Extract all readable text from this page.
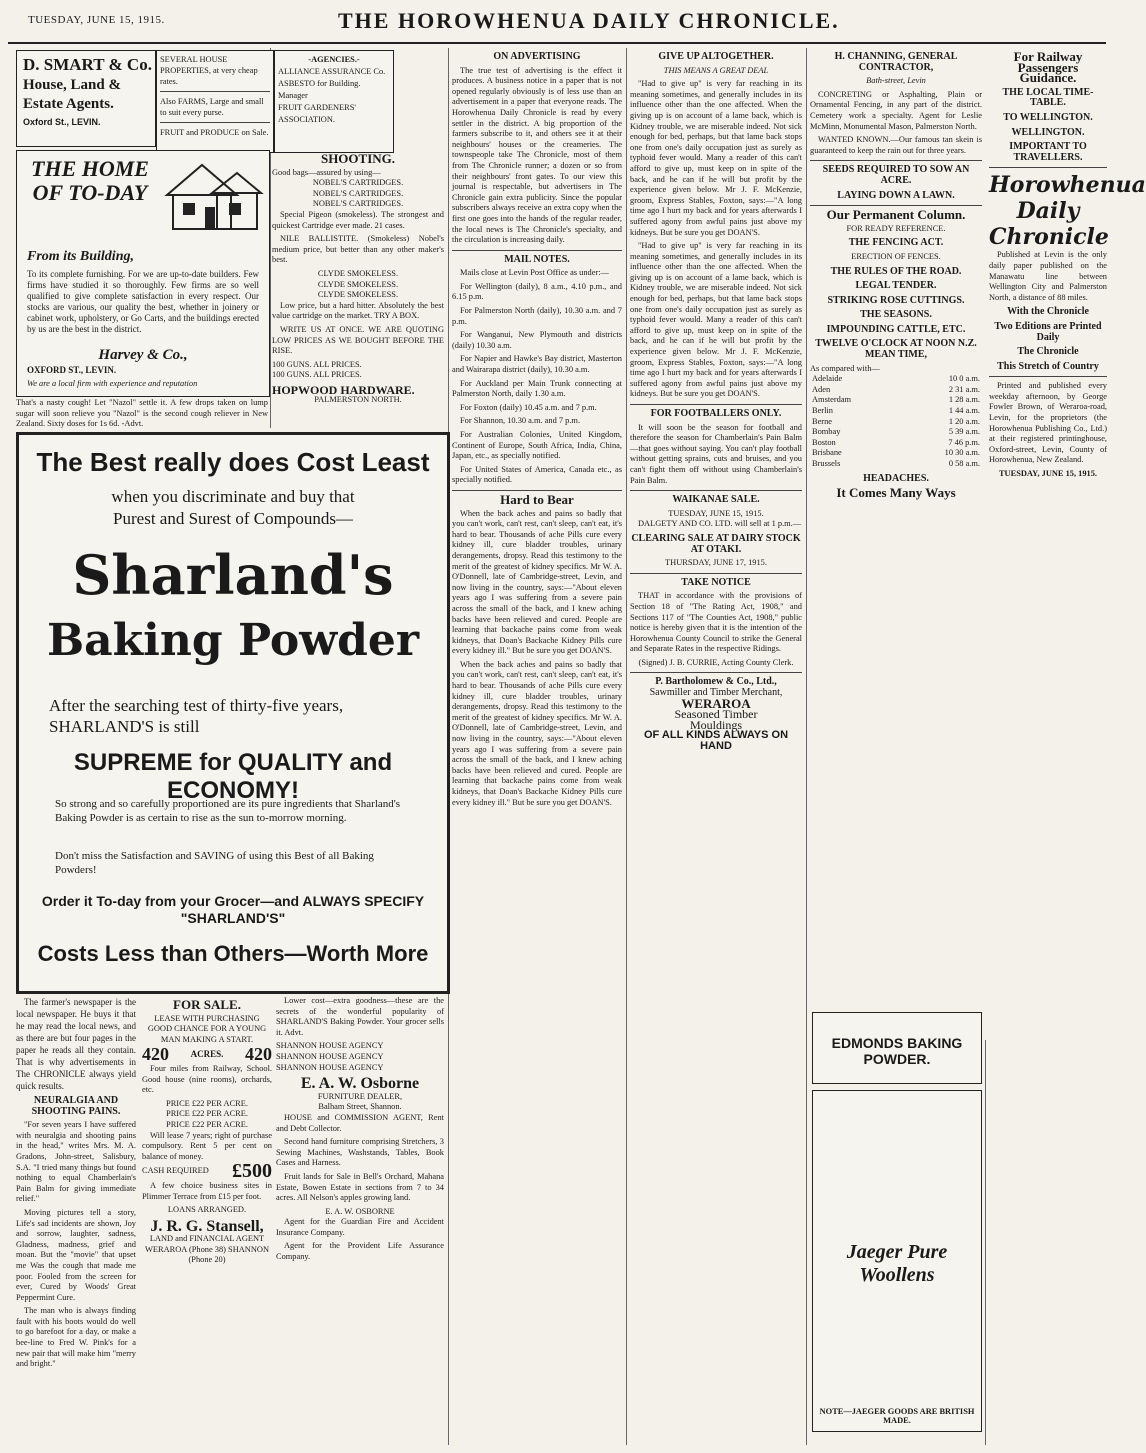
TUESDAY, JUNE 15, 1915.	THE HOROWHENUA DAILY CHRONICLE.
D. SMART & Co.
House, Land &
Estate Agents.
Oxford St., LEVIN.
SEVERAL HOUSE PROPERTIES, at very cheap rates.
Also FARMS, Large and small to suit every purse.
FRUIT and PRODUCE on Sale.
-AGENCIES.-
ALLIANCE ASSURANCE Co.
ASBESTO for Building.
Manager
FRUIT GARDENERS' ASSOCIATION.
THE HOME OF TO-DAY
From its Building,
To its complete furnishing. For we are up-to-date builders. Few firms have studied it so thoroughly. Few firms are so well qualified to give complete satisfaction in every respect. Our stocks are various, our quality the best, whether in joinery or cabinet work, upholstery, or Go Carts, and the buildings erected by us are the best in the district.
Harvey & Co.,
OXFORD ST., LEVIN.
We are a local firm with experience and reputation
That's a nasty cough! Let "Nazol" settle it. A few drops taken on lump sugar will soon relieve you "Nazol" is the second cough reliever in New Zealand. Sixty doses for 1s 6d. -Advt.
SHOOTING.
Good bags—assured by using—
NOBEL'S CARTRIDGES.
NOBEL'S CARTRIDGES.
NOBEL'S CARTRIDGES.

Special Pigeon (smokeless). The strongest and quickest Cartridge ever made. 21 cases.

NILE BALLISTITE. (Smokeless) Nobel's medium price, but better than any other maker's best.

CLYDE SMOKELESS.
CLYDE SMOKELESS.
CLYDE SMOKELESS.

Low price, but a hard hitter. Absolutely the best value cartridge on the market. TRY A BOX.

WRITE US AT ONCE. WE ARE QUOTING LOW PRICES AS WE BOUGHT BEFORE THE RISE.

100 GUNS. ALL PRICES.
100 GUNS. ALL PRICES.
HOPWOOD HARDWARE.
PALMERSTON NORTH.
The Best really does Cost Least
when you discriminate and buy that
Purest and Surest of Compounds—
Sharland's
Baking Powder
After the searching test of thirty-five years, SHARLAND'S is still
SUPREME for QUALITY and ECONOMY!
So strong and so carefully proportioned are its pure ingredients that Sharland's Baking Powder is as certain to rise as the sun to-morrow morning.
Don't miss the Satisfaction and SAVING of using this Best of all Baking Powders!
Order it To-day from your Grocer—and ALWAYS SPECIFY "SHARLAND'S"
Costs Less than Others—Worth More

The farmer's newspaper is the local newspaper. He buys it that he may read the local news, and as there are but four pages in the paper he reads all they contain. That is why advertisements in The CHRONICLE always yield quick results.

NEURALGIA AND SHOOTING PAINS.

"For seven years I have suffered with neuralgia and shooting pains in the head," writes Mrs. M. A. Gradons, John-street, Salisbury, S.A. "I tried many things but found nothing to equal Chamberlain's Pain Balm for giving immediate relief."

Moving pictures tell a story, Life's sad incidents are shown, Joy and sorrow, laughter, sadness, Gladness, madness, grief and moan. But the "movie" that upset me Was the cough that made me poor. Fooled from the screen for ever, Cured by Woods' Great Peppermint Cure.

The man who is always finding fault with his boots would do well to go barefoot for a day, or make a bee-line to Fred W. Pink's for a new pair that will make him "merry and bright."

FOR SALE.
LEASE WITH PURCHASING GOOD CHANCE FOR A YOUNG MAN MAKING A START.
420 ACRES. 420

Four miles from Railway, School. Good house (nine rooms), orchards, etc.

PRICE £22 PER ACRE.
PRICE £22 PER ACRE.
PRICE £22 PER ACRE.

Will lease 7 years; right of purchase compulsory. Rent 5 per cent on balance of money.

CASH REQUIRED £500

A few choice business sites in Plimmer Terrace from £15 per foot.

LOANS ARRANGED.
J. R. G. Stansell,
LAND and FINANCIAL AGENT
WERAROA (Phone 38) SHANNON (Phone 20)

Lower cost—extra goodness—these are the secrets of the wonderful popularity of SHARLAND'S Baking Powder. Your grocer sells it. Advt.

SHANNON HOUSE AGENCY
SHANNON HOUSE AGENCY
SHANNON HOUSE AGENCY
E. A. W. Osborne
FURNITURE DEALER,
Balham Street, Shannon.

HOUSE and COMMISSION AGENT, Rent and Debt Collector.

Second hand furniture comprising Stretchers, 3 Sewing Machines, Washstands, Tables, Book Cases and Harness.

Fruit lands for Sale in Bell's Orchard, Mahana Estate, Bowen Estate in sections from 7 to 34 acres. All Nelson's apples growing land.

E. A. W. OSBORNE

Agent for the Guardian Fire and Accident Insurance Company.

Agent for the Provident Life Assurance Company.

ON ADVERTISING

The true test of advertising is the effect it produces. A business notice in a paper that is not opened regularly obviously is of less use than an advertisement in a paper that everyone reads. The Horowhenua Daily Chronicle is read by every settler in the district. A big proportion of the farmers subscribe to it, and others see it at their neighbours' houses or the creameries. The townspeople take The Chronicle, most of them from The Chronicle runner; a dozen or so from their neighbours' front gates. To our view this journal is respectable, but advertisers in The Chronicle gain extra publicity. Since the popular subscribers always receive an extra copy when the first one goes into the hands of the regular reader, the local news is The Chronicle's specialty, and the circulation is increasing daily.

MAIL NOTES.

Mails close at Levin Post Office as under:—

For Wellington (daily), 8 a.m., 4.10 p.m., and 6.15 p.m.

For Palmerston North (daily), 10.30 a.m. and 7 p.m.

For Wanganui, New Plymouth and districts (daily) 10.30 a.m.

For Napier and Hawke's Bay district, Masterton and Wairarapa district (daily), 10.30 a.m.

For Auckland per Main Trunk connecting at Palmerston North, daily 1.30 a.m.

For Foxton (daily) 10.45 a.m. and 7 p.m.

For Shannon, 10.30 a.m. and 7 p.m.

For Australian Colonies, United Kingdom, Continent of Europe, South Africa, India, China, Japan, etc., as specially notified.

For United States of America, Canada etc., as specially notified.

Hard to Bear

When the back aches and pains so badly that you can't work, can't rest, can't sleep, can't eat, it's hard to bear. Thousands of ache Pills cure every kidney ill, cure bladder troubles, urinary derangements, dropsy. Read this testimony to the merit of the greatest of kidney specifics. Mr W. A. O'Donnell, late of Cambridge-street, Levin, and now living in the country, says:—"About eleven years ago I was suffering from a severe pain across the small of the back, and I knew aching backs have been relieved and cured. People are learning that backache pains come from weak kidneys, that Doan's Backache Kidney Pills cure every kidney ill." But be sure you get DOAN'S.

When the back aches and pains so badly that you can't work, can't rest, can't sleep, can't eat, it's hard to bear. Thousands of ache Pills cure every kidney ill, cure bladder troubles, urinary derangements, dropsy. Read this testimony to the merit of the greatest of kidney specifics. Mr W. A. O'Donnell, late of Cambridge-street, Levin, and now living in the country, says:—"About eleven years ago I was suffering from a severe pain across the small of the back, and I knew aching backs have been relieved and cured. People are learning that backache pains come from weak kidneys, that Doan's Backache Kidney Pills cure every kidney ill." But be sure you get DOAN'S.

GIVE UP ALTOGETHER.
THIS MEANS A GREAT DEAL

"Had to give up" is very far reaching in its meaning sometimes, and generally includes in its influence other than the one affected. When the giving up is on account of a lame back, which is Kidney trouble, we are miserable indeed. Not sick enough for bed, perhaps, but that lame back stops one from one's daily occupation just as surely as typhoid fever would. Many a reader of this can't afford to give up, must keep on in spite of the back, and he can if he will but profit by the experience given below. Mr J. F. McKenzie, groom, Express Stables, Foxton, says:—"A long time ago I hurt my back and for years afterwards I suffered agony from awful pains just above my kidneys. But be sure you get DOAN'S.

"Had to give up" is very far reaching in its meaning sometimes, and generally includes in its influence other than the one affected. When the giving up is on account of a lame back, which is Kidney trouble, we are miserable indeed. Not sick enough for bed, perhaps, but that lame back stops one from one's daily occupation just as surely as typhoid fever would. Many a reader of this can't afford to give up, must keep on in spite of the back, and he can if he will but profit by the experience given below. Mr J. F. McKenzie, groom, Express Stables, Foxton, says:—"A long time ago I hurt my back and for years afterwards I suffered agony from awful pains just above my kidneys. But be sure you get DOAN'S.

FOR FOOTBALLERS ONLY.

It will soon be the season for football and therefore the season for Chamberlain's Pain Balm—that goes without saying. You can't play football without getting sprains, cuts and bruises, and you can't fight them off without using Chamberlain's Pain Balm.

WAIKANAE SALE.
TUESDAY, JUNE 15, 1915.

DALGETY AND CO. LTD. will sell at 1 p.m.—

CLEARING SALE AT DAIRY STOCK AT OTAKI.
THURSDAY, JUNE 17, 1915.
TAKE NOTICE

THAT in accordance with the provisions of Section 18 of "The Rating Act, 1908," and Sections 117 of "The Counties Act, 1908," public notice is hereby given that it is the intention of the Horowhenua County Council to strike the General and Separate Rates in the respective Ridings.

(Signed) J. B. CURRIE, Acting County Clerk.
P. Bartholomew & Co., Ltd.,
Sawmiller and Timber Merchant,
WERAROA
Seasoned Timber
Mouldings
OF ALL KINDS ALWAYS ON HAND
H. CHANNING, GENERAL CONTRACTOR,
Bath-street, Levin

CONCRETING or Asphalting, Plain or Ornamental Fencing, in any part of the district. Cemetery work a specialty. Agent for Leslie McMinn, Monumental Mason, Palmerston North.

WANTED KNOWN.—Our famous tan skein is guaranteed to keep the rain out for three years.

SEEDS REQUIRED TO SOW AN ACRE.
LAYING DOWN A LAWN.
Our Permanent Column.
FOR READY REFERENCE.
THE FENCING ACT.
ERECTION OF FENCES.
THE RULES OF THE ROAD.
LEGAL TENDER.
STRIKING ROSE CUTTINGS.
THE SEASONS.
IMPOUNDING CATTLE, ETC.
TWELVE O'CLOCK AT NOON N.Z. MEAN TIME,
As compared with—
Adelaide	10 0 a.m.
Aden	2 31 a.m.
Amsterdam	1 28 a.m.
Berlin	1 44 a.m.
Berne	1 20 a.m.
Bombay	5 39 a.m.
Boston	7 46 p.m.
Brisbane	10 30 a.m.
Brussels	0 58 a.m.
HEADACHES.
It Comes Many Ways
For Railway Passengers Guidance.
THE LOCAL TIME-TABLE.
TO WELLINGTON.
WELLINGTON.
IMPORTANT TO TRAVELLERS.
Horowhenua Daily Chronicle

Published at Levin is the only daily paper published on the Manawatu line between Wellington City and Palmerston North, a distance of 88 miles.

With the Chronicle
Two Editions are Printed Daily
The Chronicle
This Stretch of Country

Printed and published every weekday afternoon, by George Fowler Brown, of Weraroa-road, Levin, for the proprietors (the Horowhenua Publishing Co., Ltd.) at their registered printinghouse, Oxford-street, Levin, County of Horowhenua, New Zealand.

TUESDAY, JUNE 15, 1915.
EDMONDS BAKING POWDER.
Jaeger Pure Woollens
NOTE—JAEGER GOODS ARE BRITISH MADE.
